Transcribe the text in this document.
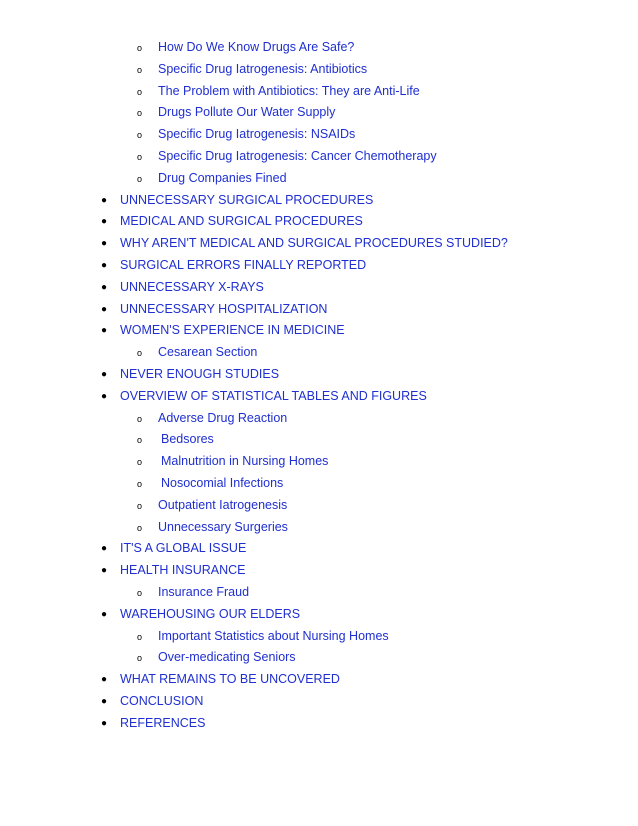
o How Do We Know Drugs Are Safe?
o Specific Drug Iatrogenesis: Antibiotics
o The Problem with Antibiotics: They are Anti-Life
o Drugs Pollute Our Water Supply
o Specific Drug Iatrogenesis: NSAIDs
o Specific Drug Iatrogenesis: Cancer Chemotherapy
o Drug Companies Fined
● UNNECESSARY SURGICAL PROCEDURES
● MEDICAL AND SURGICAL PROCEDURES
● WHY AREN'T MEDICAL AND SURGICAL PROCEDURES STUDIED?
● SURGICAL ERRORS FINALLY REPORTED
● UNNECESSARY X-RAYS
● UNNECESSARY HOSPITALIZATION
● WOMEN'S EXPERIENCE IN MEDICINE
o Cesarean Section
● NEVER ENOUGH STUDIES
● OVERVIEW OF STATISTICAL TABLES AND FIGURES
o Adverse Drug Reaction
o Bedsores
o Malnutrition in Nursing Homes
o Nosocomial Infections
o Outpatient Iatrogenesis
o Unnecessary Surgeries
● IT'S A GLOBAL ISSUE
● HEALTH INSURANCE
o Insurance Fraud
● WAREHOUSING OUR ELDERS
o Important Statistics about Nursing Homes
o Over-medicating Seniors
● WHAT REMAINS TO BE UNCOVERED
● CONCLUSION
● REFERENCES
